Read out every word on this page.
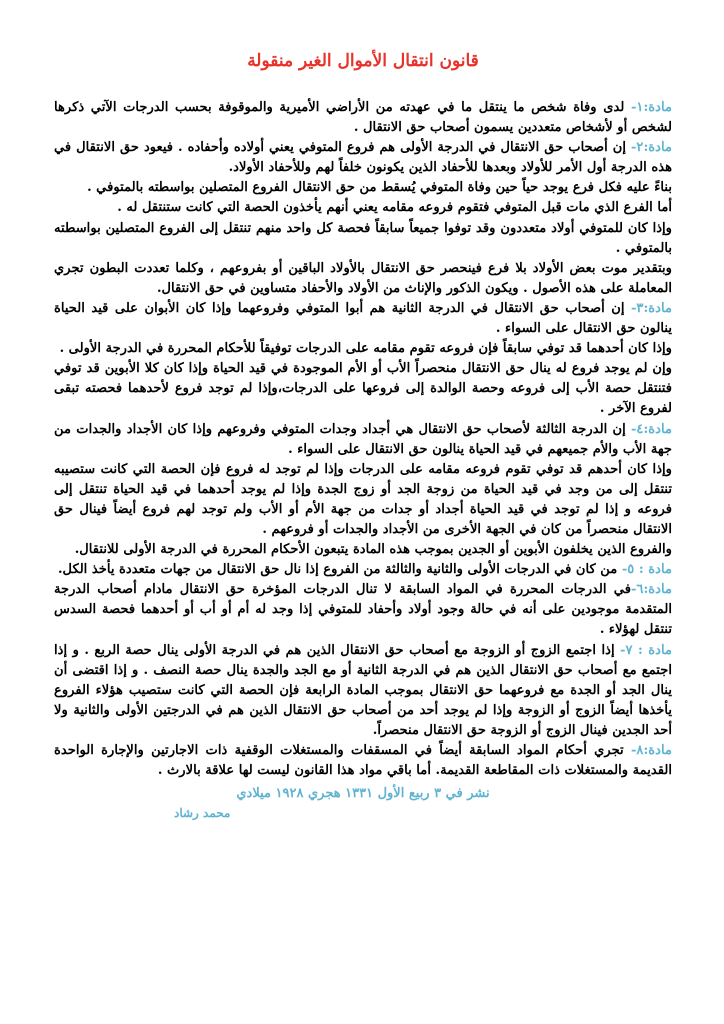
قانون انتقال الأموال الغير منقولة

مادة:١- لدى وفاة شخص ما ينتقل ما في عهدته من الأراضي الأميرية والموقوفة بحسب الدرجات الآتي ذكرها لشخص أو لأشخاص متعددين يسمون أصحاب حق الانتقال .

مادة:٢- إن أصحاب حق الانتقال في الدرجة الأولى هم فروع المتوفي يعني أولاده وأحفاده . فيعود حق الانتقال في هذه الدرجة أول الأمر للأولاد وبعدها للأحفاد الذين يكونون خلفاً لهم وللأحفاد الأولاد.

بناءً عليه فكل فرع يوجد حياً حين وفاة المتوفي يُسقط من حق الانتقال الفروع المتصلين بواسطته بالمتوفي .

أما الفرع الذي مات قبل المتوفي فتقوم فروعه مقامه يعني أنهم يأخذون الحصة التي كانت ستنتقل له .

وإذا كان للمتوفي أولاد متعددون وقد توفوا جميعاً سابقاً فحصة كل واحد منهم تنتقل إلى الفروع المتصلين بواسطته بالمتوفي .

وبتقدير موت بعض الأولاد بلا فرع فينحصر حق الانتقال بالأولاد الباقين أو بفروعهم ، وكلما تعددت البطون تجري المعاملة على هذه الأصول . ويكون الذكور والإناث من الأولاد والأحفاد متساوين في حق الانتقال.

مادة:٣- إن أصحاب حق الانتقال في الدرجة الثانية هم أبوا المتوفي وفروعهما وإذا كان الأبوان على قيد الحياة ينالون حق الانتقال على السواء .

وإذا كان أحدهما قد توفي سابقاً فإن فروعه تقوم مقامه على الدرجات توفيقاً للأحكام المحررة في الدرجة الأولى .

وإن لم يوجد فروع له ينال حق الانتقال منحصراً الأب أو الأم الموجودة في قيد الحياة وإذا كان كلا الأبوين قد توفي فتنتقل حصة الأب إلى فروعه وحصة الوالدة إلى فروعها على الدرجات،وإذا لم توجد فروع لأحدهما فحصته تبقى لفروع الآخر .

مادة:٤- إن الدرجة الثالثة لأصحاب حق الانتقال هي أجداد وجدات المتوفي وفروعهم وإذا كان الأجداد والجدات من جهة الأب والأم جميعهم في قيد الحياة ينالون حق الانتقال على السواء .

وإذا كان أحدهم قد توفي تقوم فروعه مقامه على الدرجات وإذا لم توجد له فروع فإن الحصة التي كانت ستصيبه تنتقل إلى من وجد في قيد الحياة من زوجة الجد أو زوج الجدة وإذا لم يوجد أحدهما في قيد الحياة تنتقل إلى فروعه و إذا لم توجد في قيد الحياة أجداد أو جدات من جهة الأم أو الأب ولم توجد لهم فروع أيضاً فينال حق الانتقال منحصراً من كان في الجهة الأخرى من الأجداد والجدات أو فروعهم .

والفروع الذين يخلفون الأبوين أو الجدين بموجب هذه المادة يتبعون الأحكام المحررة في الدرجة الأولى للانتقال.

مادة : ٥- من كان في الدرجات الأولى والثانية والثالثة من الفروع إذا نال حق الانتقال من جهات متعددة يأخذ الكل.

مادة:٦-في الدرجات المحررة في المواد السابقة لا تنال الدرجات المؤخرة حق الانتقال مادام أصحاب الدرجة المتقدمة موجودين على أنه في حالة وجود أولاد وأحفاد للمتوفي إذا وجد له أم أو أب أو أحدهما فحصة السدس تنتقل لهؤلاء .

مادة : ٧- إذا اجتمع الزوج أو الزوجة مع أصحاب حق الانتقال الذين هم في الدرجة الأولى ينال حصة الربع . و إذا اجتمع مع أصحاب حق الانتقال الذين هم في الدرجة الثانية أو مع الجد والجدة ينال حصة النصف . و إذا اقتضى أن ينال الجد أو الجدة مع فروعهما حق الانتقال بموجب المادة الرابعة فإن الحصة التي كانت ستصيب هؤلاء الفروع يأخذها أيضاً الزوج أو الزوجة وإذا لم يوجد أحد من أصحاب حق الانتقال الذين هم في الدرجتين الأولى والثانية ولا أحد الجدين فينال الزوج أو الزوجة حق الانتقال منحصراً.

مادة:٨- تجري أحكام المواد السابقة أيضاً في المسقفات والمستغلات الوقفية ذات الاجارتين والإجارة الواحدة القديمة والمستغلات ذات المقاطعة القديمة. أما باقي مواد هذا القانون ليست لها علاقة بالارث .

نشر في ٣ ربيع الأول ١٣٣١ هجري ١٩٢٨ ميلادي
محمد رشاد
